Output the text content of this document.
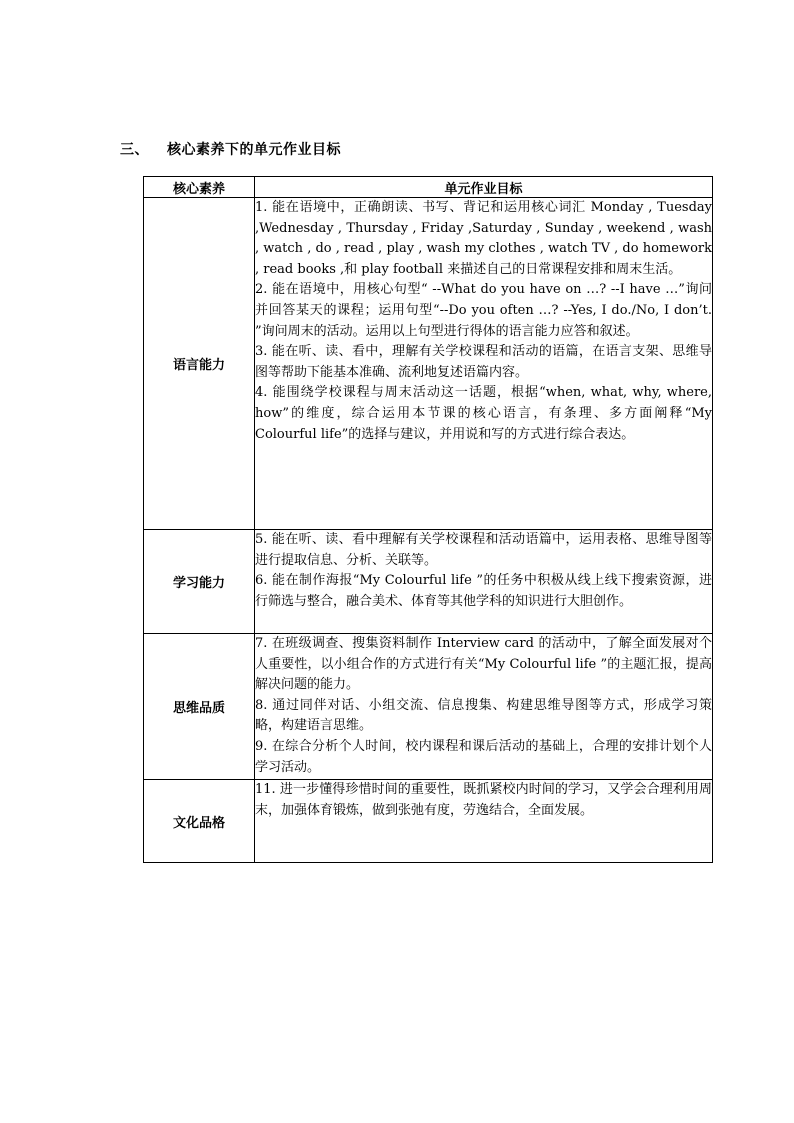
三、 核心素养下的单元作业目标
核心素养	单元作业目标
语言能力	1. 能在语境中，正确朗读、书写、背记和运用核心词汇 Monday , Tuesday ,Wednesday , Thursday , Friday ,Saturday , Sunday , weekend , wash , watch , do , read , play , wash my clothes , watch TV , do homework , read books ,和 play football 来描述自己的日常课程安排和周末生活。
2. 能在语境中，用核心句型“ --What do you have on …? --I have …”询问并回答某天的课程；运用句型“--Do you often …? --Yes, I do./No, I don’t. ”询问周末的活动。运用以上句型进行得体的语言能力应答和叙述。
3. 能在听、读、看中，理解有关学校课程和活动的语篇，在语言支架、思维导图等帮助下能基本准确、流利地复述语篇内容。
4. 能围绕学校课程与周末活动这一话题，根据“when, what, why, where, how”的维度，综合运用本节课的核心语言，有条理、多方面阐释“My Colourful life”的选择与建议，并用说和写的方式进行综合表达。

学习能力	5. 能在听、读、看中理解有关学校课程和活动语篇中，运用表格、思维导图等进行提取信息、分析、关联等。
6. 能在制作海报“My Colourful life ”的任务中积极从线上线下搜索资源，进行筛选与整合，融合美术、体育等其他学科的知识进行大胆创作。

思维品质	7. 在班级调查、搜集资料制作 Interview card 的活动中，了解全面发展对个人重要性，以小组合作的方式进行有关“My Colourful life ”的主题汇报，提高解决问题的能力。
8. 通过同伴对话、小组交流、信息搜集、构建思维导图等方式，形成学习策略，构建语言思维。
9. 在综合分析个人时间，校内课程和课后活动的基础上，合理的安排计划个人学习活动。

文化品格	11. 进一步懂得珍惜时间的重要性，既抓紧校内时间的学习，又学会合理利用周末，加强体育锻炼，做到张弛有度，劳逸结合，全面发展。
